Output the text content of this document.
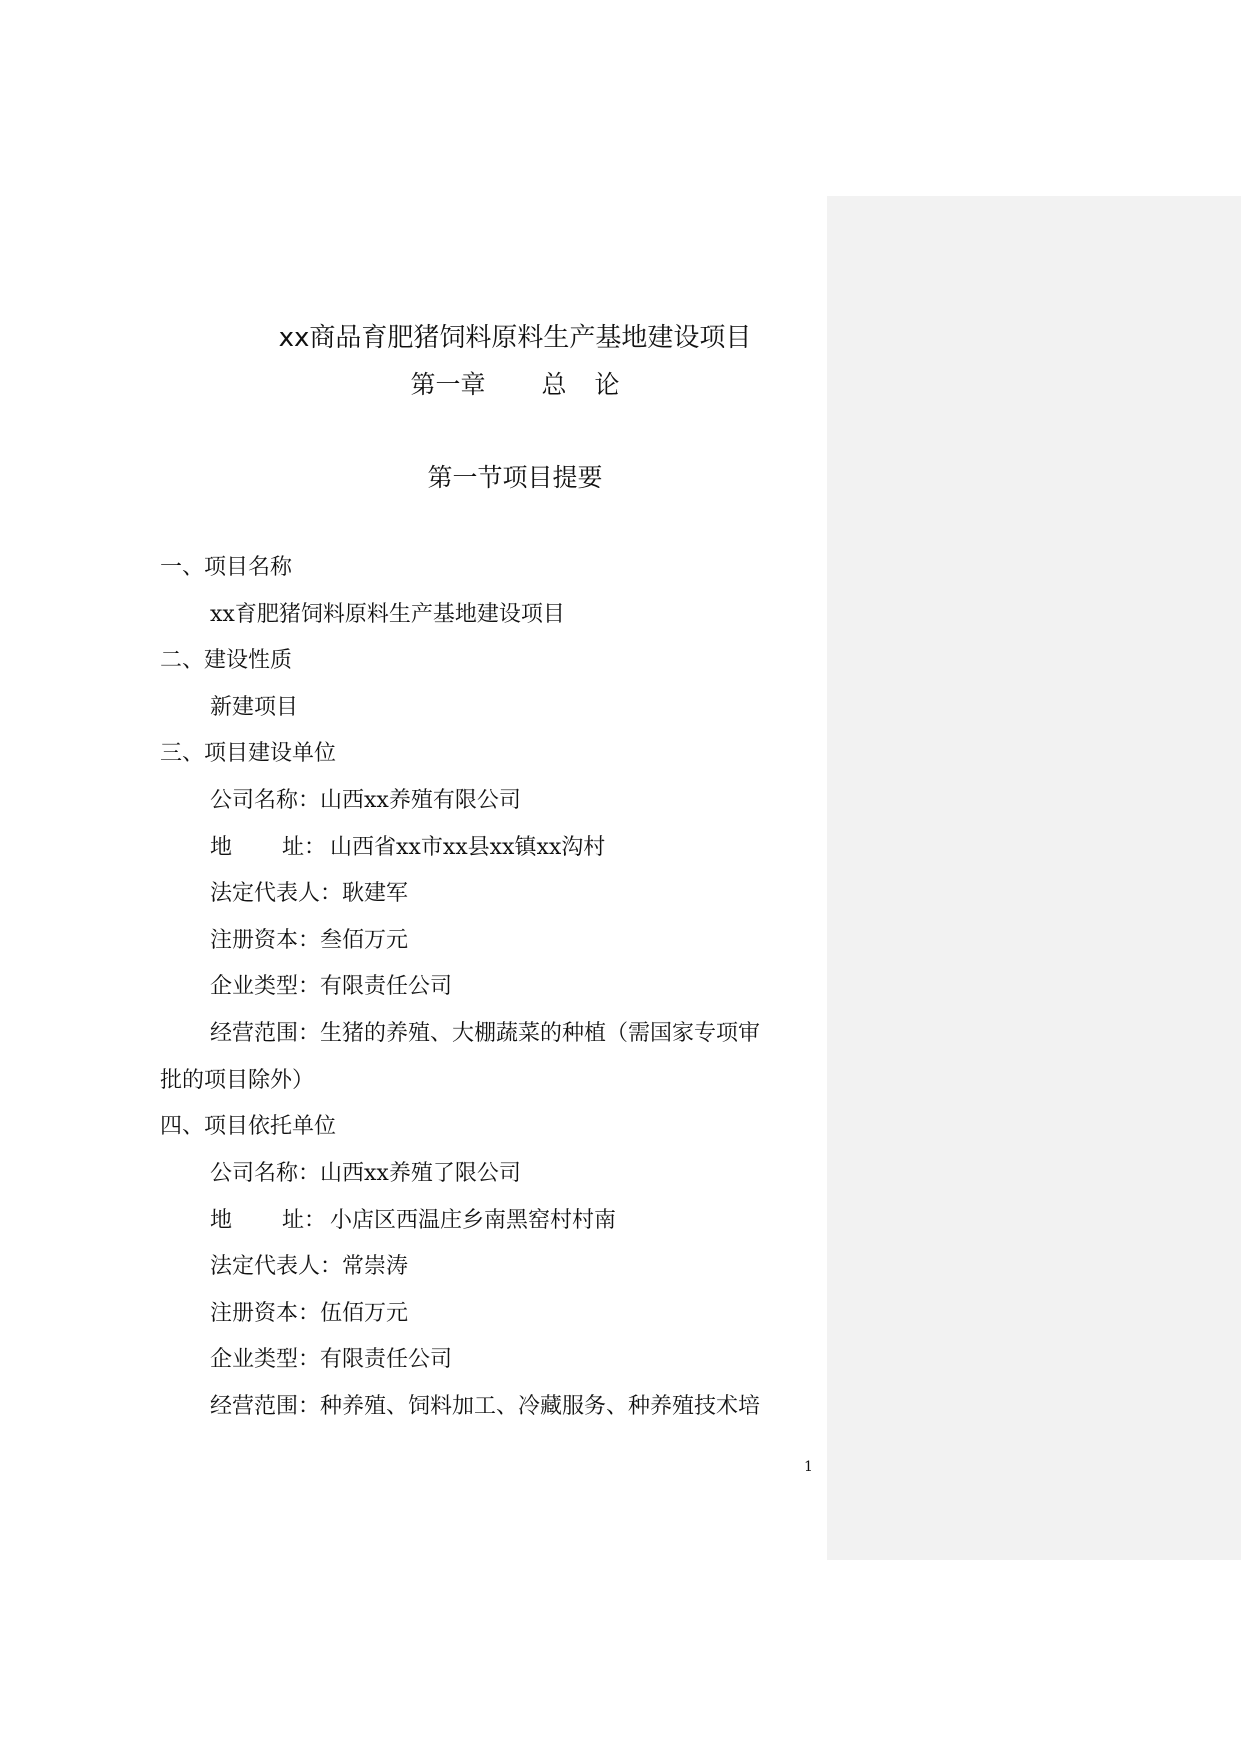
xx商品育肥猪饲料原料生产基地建设项目
第一章 总 论
第一节项目提要
一、项目名称
xx育肥猪饲料原料生产基地建设项目
二、建设性质
新建项目
三、项目建设单位
公司名称：山西xx养殖有限公司
地 址： 山西省xx市xx县xx镇xx沟村
法定代表人：耿建军
注册资本：叁佰万元
企业类型：有限责任公司
经营范围：生猪的养殖、大棚蔬菜的种植（需国家专项审
批的项目除外）
四、项目依托单位
公司名称：山西xx养殖了限公司
地 址： 小店区西温庄乡南黑窑村村南
法定代表人：常崇涛
注册资本：伍佰万元
企业类型：有限责任公司
经营范围：种养殖、饲料加工、冷藏服务、种养殖技术培
1
